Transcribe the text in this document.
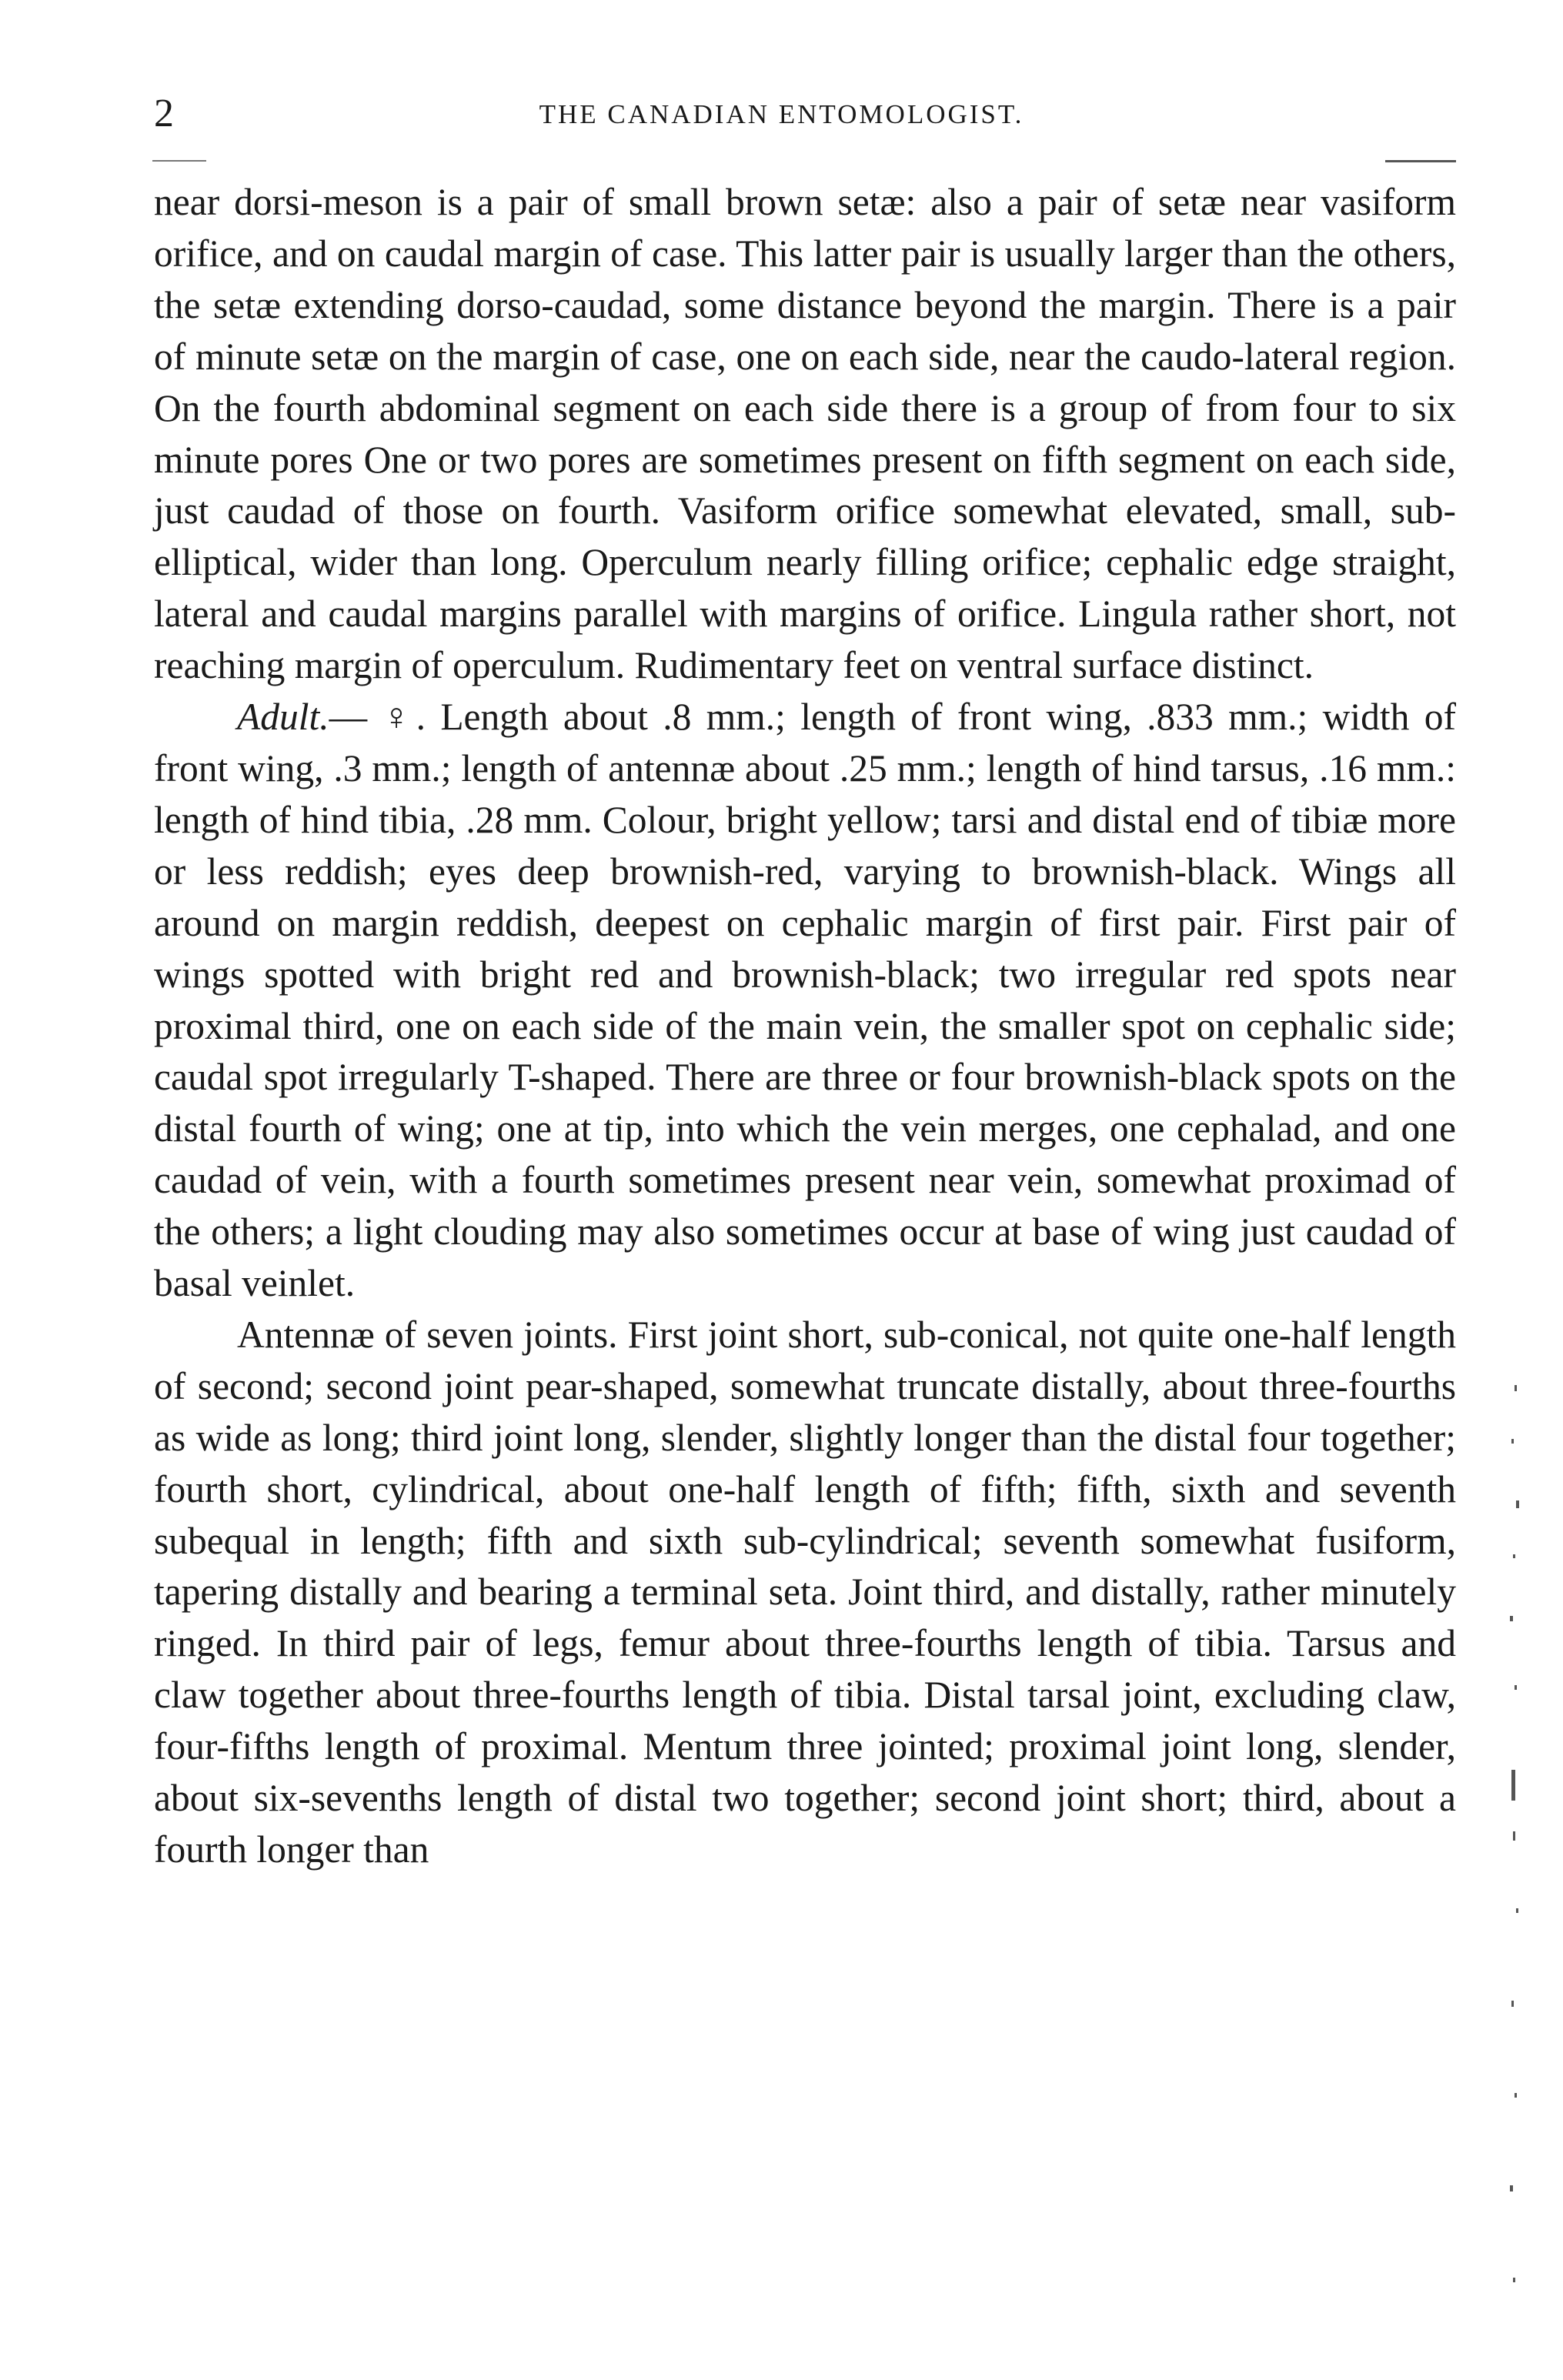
2	THE CANADIAN ENTOMOLOGIST.

near dorsi-meson is a pair of small brown setæ: also a pair of setæ near vasiform orifice, and on caudal margin of case. This latter pair is usually larger than the others, the setæ extending dorso-caudad, some distance beyond the margin. There is a pair of minute setæ on the margin of case, one on each side, near the caudo-lateral region. On the fourth abdominal segment on each side there is a group of from four to six minute pores One or two pores are sometimes present on fifth segment on each side, just caudad of those on fourth. Vasiform orifice somewhat elevated, small, sub-elliptical, wider than long. Operculum nearly filling orifice; cephalic edge straight, lateral and caudal margins parallel with margins of orifice. Lingula rather short, not reaching margin of operculum. Rudimentary feet on ventral surface distinct.

Adult.— ♀. Length about .8 mm.; length of front wing, .833 mm.; width of front wing, .3 mm.; length of antennæ about .25 mm.; length of hind tarsus, .16 mm.: length of hind tibia, .28 mm. Colour, bright yellow; tarsi and distal end of tibiæ more or less reddish; eyes deep brownish-red, varying to brownish-black. Wings all around on margin reddish, deepest on cephalic margin of first pair. First pair of wings spotted with bright red and brownish-black; two irregular red spots near proximal third, one on each side of the main vein, the smaller spot on cephalic side; caudal spot irregularly T-shaped. There are three or four brownish-black spots on the distal fourth of wing; one at tip, into which the vein merges, one cephalad, and one caudad of vein, with a fourth sometimes present near vein, somewhat proximad of the others; a light clouding may also sometimes occur at base of wing just caudad of basal veinlet.

Antennæ of seven joints. First joint short, sub-conical, not quite one-half length of second; second joint pear-shaped, somewhat truncate distally, about three-fourths as wide as long; third joint long, slender, slightly longer than the distal four together; fourth short, cylindrical, about one-half length of fifth; fifth, sixth and seventh subequal in length; fifth and sixth sub-cylindrical; seventh somewhat fusiform, tapering distally and bearing a terminal seta. Joint third, and distally, rather minutely ringed. In third pair of legs, femur about three-fourths length of tibia. Tarsus and claw together about three-fourths length of tibia. Distal tarsal joint, excluding claw, four-fifths length of proximal. Mentum three jointed; proximal joint long, slender, about six-sevenths length of distal two together; second joint short; third, about a fourth longer than
